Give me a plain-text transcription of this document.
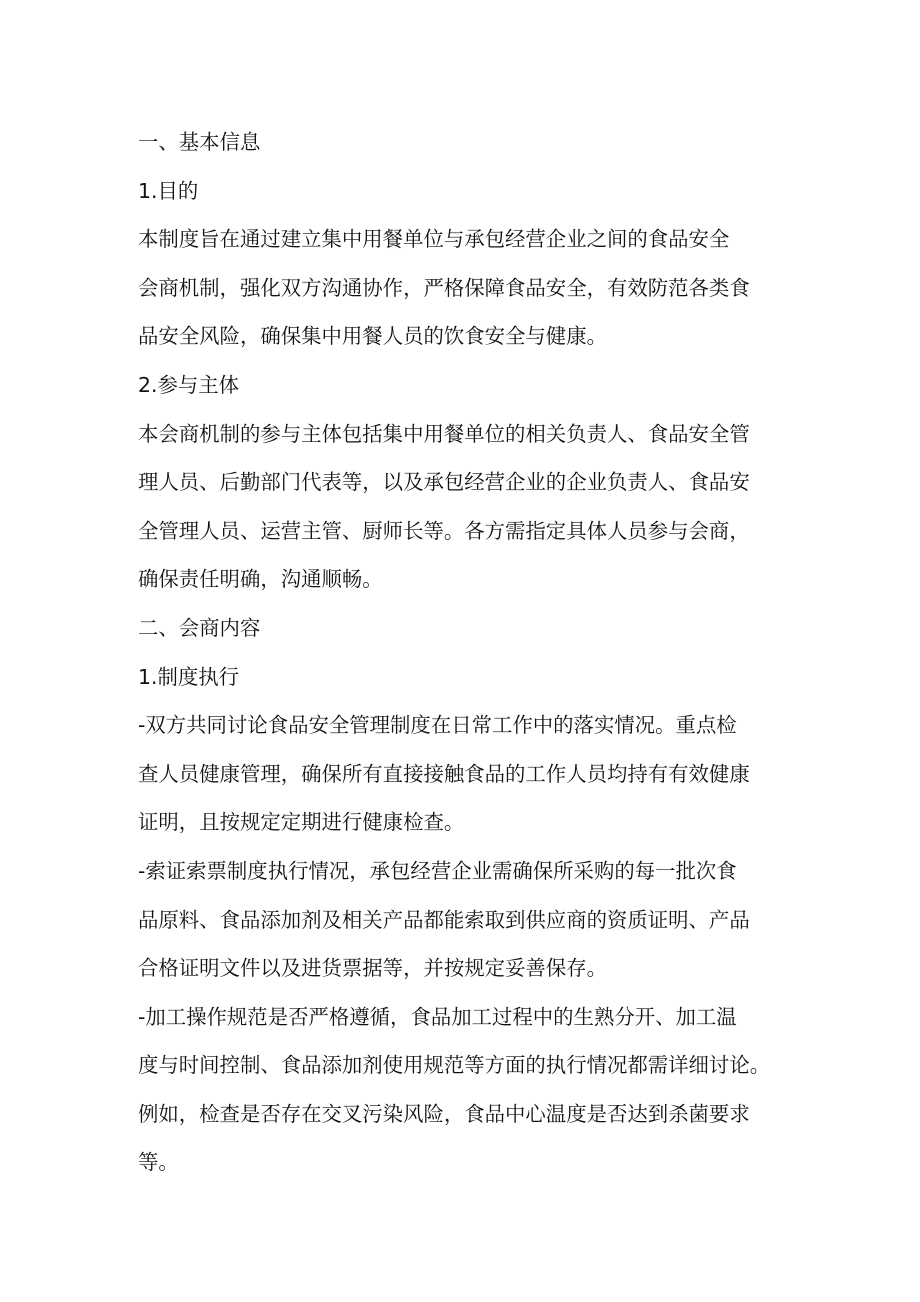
一、基本信息
1.目的
本制度旨在通过建立集中用餐单位与承包经营企业之间的食品安全
会商机制，强化双方沟通协作，严格保障食品安全，有效防范各类食
品安全风险，确保集中用餐人员的饮食安全与健康。
2.参与主体
本会商机制的参与主体包括集中用餐单位的相关负责人、食品安全管
理人员、后勤部门代表等，以及承包经营企业的企业负责人、食品安
全管理人员、运营主管、厨师长等。各方需指定具体人员参与会商，
确保责任明确，沟通顺畅。
二、会商内容
1.制度执行
-双方共同讨论食品安全管理制度在日常工作中的落实情况。重点检
查人员健康管理，确保所有直接接触食品的工作人员均持有有效健康
证明，且按规定定期进行健康检查。
-索证索票制度执行情况，承包经营企业需确保所采购的每一批次食
品原料、食品添加剂及相关产品都能索取到供应商的资质证明、产品
合格证明文件以及进货票据等，并按规定妥善保存。
-加工操作规范是否严格遵循，食品加工过程中的生熟分开、加工温
度与时间控制、食品添加剂使用规范等方面的执行情况都需详细讨论。
例如，检查是否存在交叉污染风险，食品中心温度是否达到杀菌要求
等。
